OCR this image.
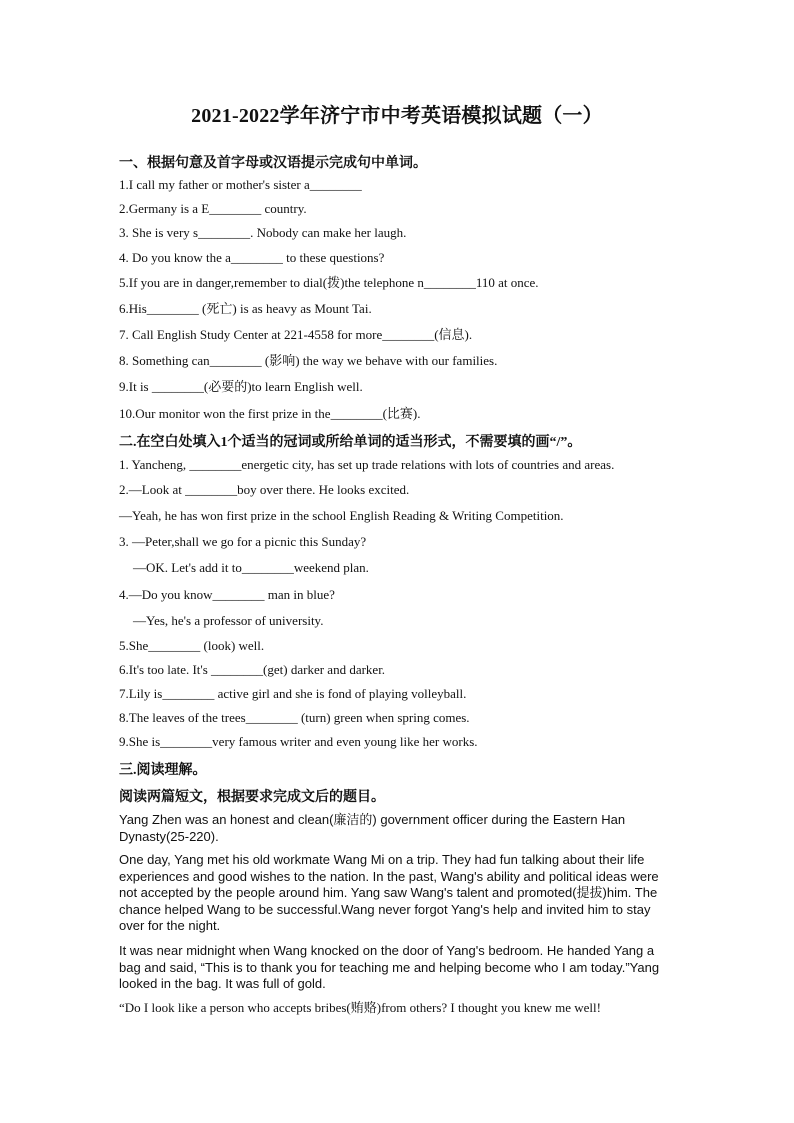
2021-2022学年济宁市中考英语模拟试题（一）
一、根据句意及首字母或汉语提示完成句中单词。
1.I call my father or mother's sister a________
2.Germany is a E________ country.
3. She is very s________. Nobody can make her laugh.
4. Do you know the a________ to these questions?
5.If you are in danger,remember to dial(拨)the telephone n________110 at once.
6.His________ (死亡) is as heavy as Mount Tai.
7. Call English Study Center at 221-4558 for more________(信息).
8. Something can________ (影响) the way we behave with our families.
9.It is ________(必要的)to learn English well.
10.Our monitor won the first prize in the________(比赛).
二.在空白处填入1个适当的冠词或所给单词的适当形式，不需要填的画“/”。
1. Yancheng, ________energetic city, has set up trade relations with lots of countries and areas.
2.—Look at ________boy over there. He looks excited.
—Yeah, he has won first prize in the school English Reading & Writing Competition.
3. —Peter,shall we go for a picnic this Sunday?
—OK. Let's add it to________weekend plan.
4.—Do you know________ man in blue?
—Yes, he's a professor of university.
5.She________ (look) well.
6.It's too late. It's ________(get) darker and darker.
7.Lily is________ active girl and she is fond of playing volleyball.
8.The leaves of the trees________ (turn) green when spring comes.
9.She is________very famous writer and even young like her works.
三.阅读理解。
阅读两篇短文，根据要求完成文后的题目。
Yang Zhen was an honest and clean(廉洁的) government officer during the Eastern Han Dynasty(25-220).
One day, Yang met his old workmate Wang Mi on a trip. They had fun talking about their life experiences and good wishes to the nation. In the past, Wang's ability and political ideas were not accepted by the people around him. Yang saw Wang's talent and promoted(提拔)him. The chance helped Wang to be successful.Wang never forgot Yang's help and invited him to stay over for the night.
It was near midnight when Wang knocked on the door of Yang's bedroom. He handed Yang a bag and said, “This is to thank you for teaching me and helping become who I am today.”Yang looked in the bag. It was full of gold.
“Do I look like a person who accepts bribes(贿赂)from others? I thought you knew me well!
